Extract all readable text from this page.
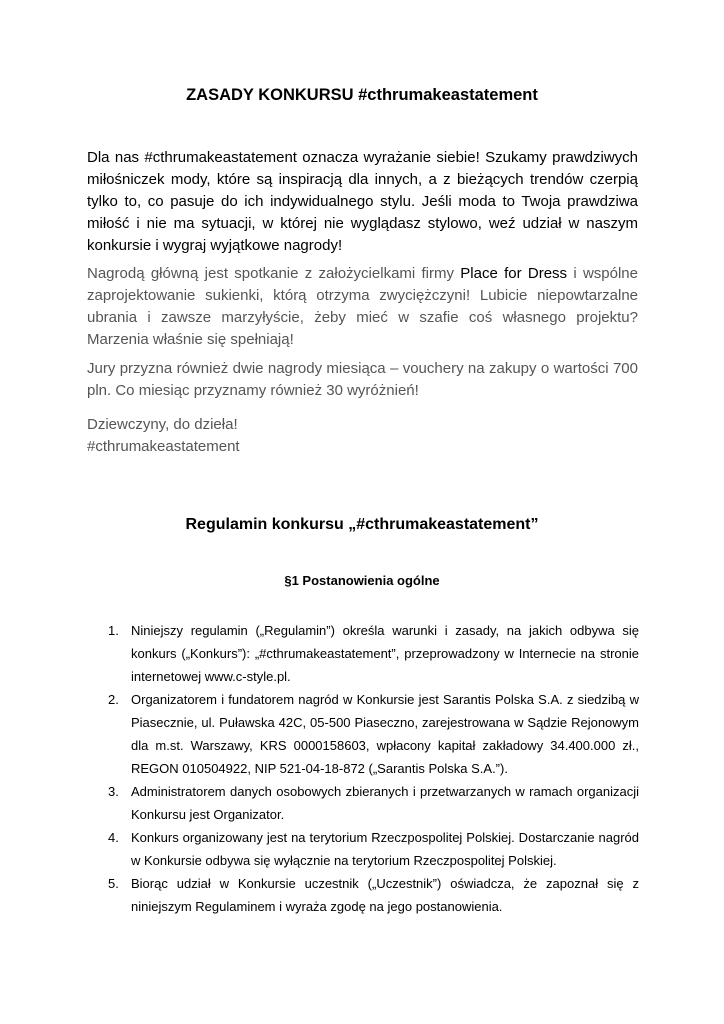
ZASADY KONKURSU #cthrumakeastatement

Dla nas #cthrumakeastatement oznacza wyrażanie siebie! Szukamy prawdziwych miłośniczek mody, które są inspiracją dla innych, a z bieżących trendów czerpią tylko to, co pasuje do ich indywidualnego stylu. Jeśli moda to Twoja prawdziwa miłość i nie ma sytuacji, w której nie wyglądasz stylowo, weź udział w naszym konkursie i wygraj wyjątkowe nagrody!

Nagrodą główną jest spotkanie z założycielkami firmy Place for Dress i wspólne zaprojektowanie sukienki, którą otrzyma zwyciężczyni! Lubicie niepowtarzalne ubrania i zawsze marzyłyście, żeby mieć w szafie coś własnego projektu? Marzenia właśnie się spełniają!

Jury przyzna również dwie nagrody miesiąca – vouchery na zakupy o wartości 700 pln. Co miesiąc przyznamy również 30 wyróżnień!

Dziewczyny, do dzieła!
#cthrumakeastatement

Regulamin konkursu „#cthrumakeastatement”
§1 Postanowienia ogólne
1. Niniejszy regulamin („Regulamin”) określa warunki i zasady, na jakich odbywa się konkurs („Konkurs”): „#cthrumakeastatement”, przeprowadzony w Internecie na stronie internetowej www.c-style.pl.
2. Organizatorem i fundatorem nagród w Konkursie jest Sarantis Polska S.A. z siedzibą w Piasecznie, ul. Puławska 42C, 05-500 Piaseczno, zarejestrowana w Sądzie Rejonowym dla m.st. Warszawy, KRS 0000158603, wpłacony kapitał zakładowy 34.400.000 zł., REGON 010504922, NIP 521-04-18-872 („Sarantis Polska S.A.”).
3. Administratorem danych osobowych zbieranych i przetwarzanych w ramach organizacji Konkursu jest Organizator.
4. Konkurs organizowany jest na terytorium Rzeczpospolitej Polskiej. Dostarczanie nagród w Konkursie odbywa się wyłącznie na terytorium Rzeczpospolitej Polskiej.
5. Biorąc udział w Konkursie uczestnik („Uczestnik”) oświadcza, że zapoznał się z niniejszym Regulaminem i wyraża zgodę na jego postanowienia.
